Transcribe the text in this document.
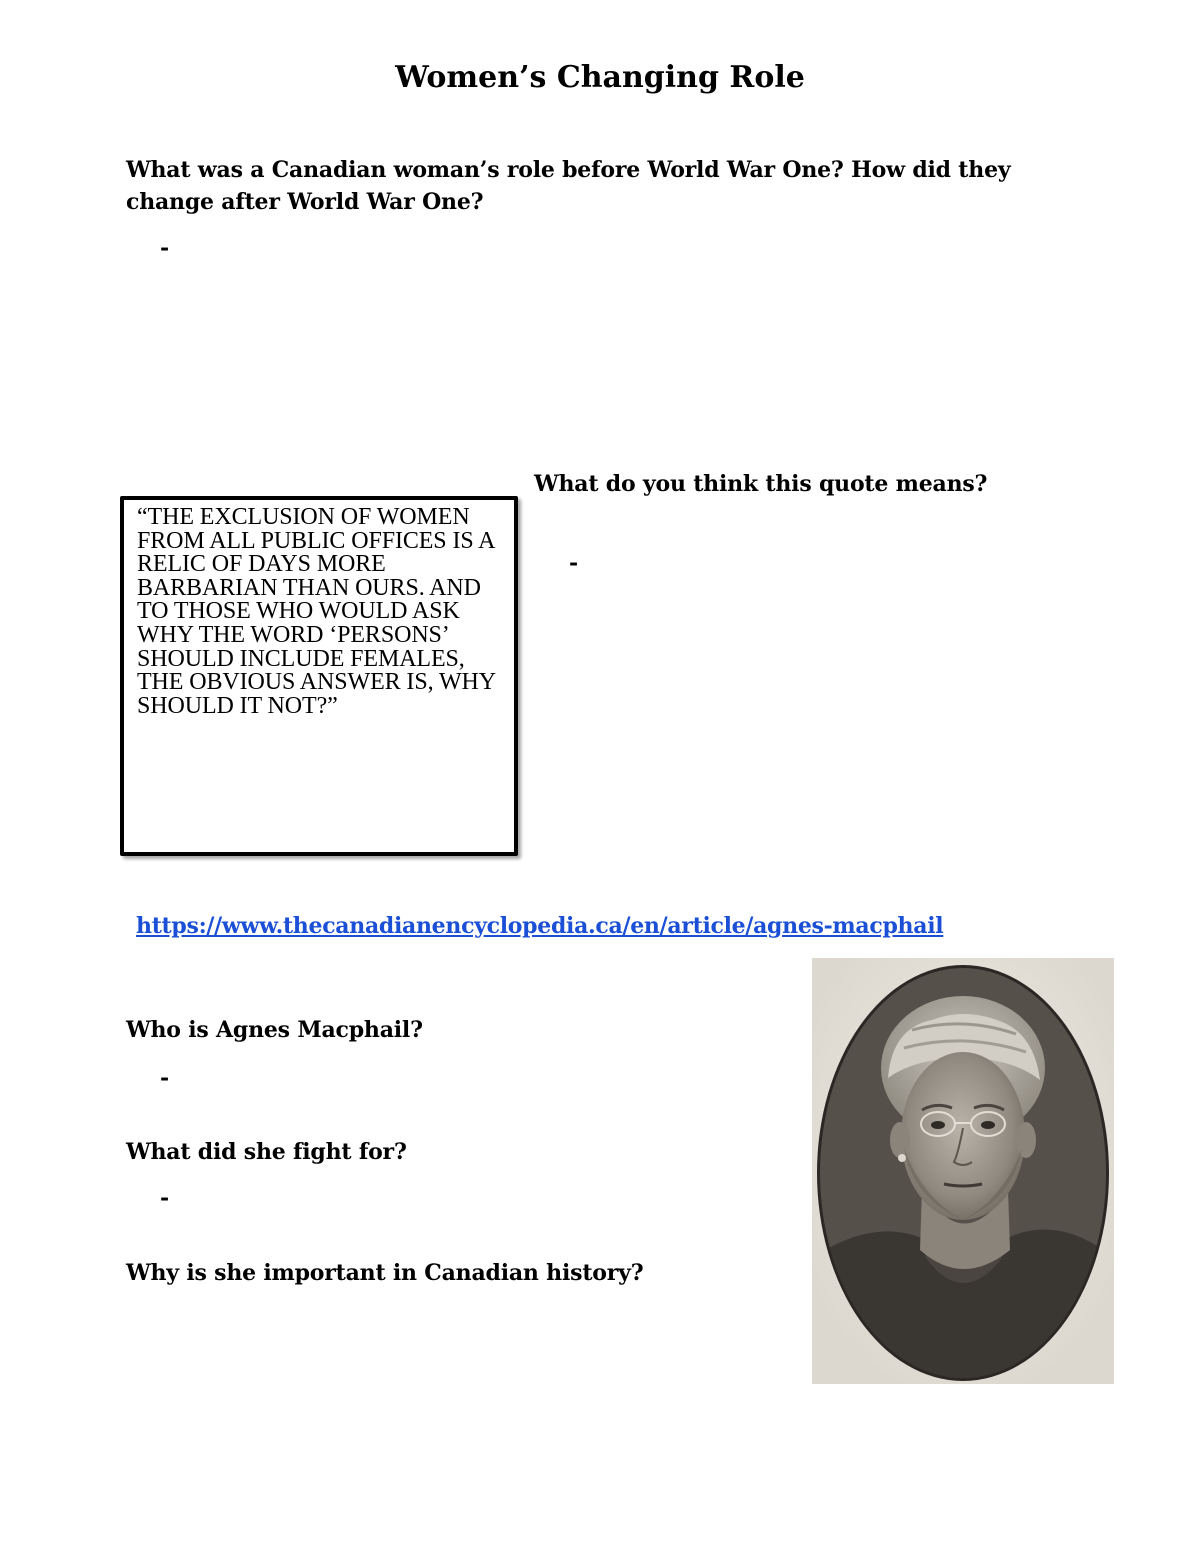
Women’s Changing Role
What was a Canadian woman’s role before World War One? How did they change after World War One?
-
“THE EXCLUSION OF WOMEN FROM ALL PUBLIC OFFICES IS A RELIC OF DAYS MORE BARBARIAN THAN OURS. AND TO THOSE WHO WOULD ASK WHY THE WORD ‘PERSONS’ SHOULD INCLUDE FEMALES, THE OBVIOUS ANSWER IS, WHY SHOULD IT NOT?”
What do you think this quote means?
-
https://www.thecanadianencyclopedia.ca/en/article/agnes-macphail
Who is Agnes Macphail?
-
What did she fight for?
-
Why is she important in Canadian history?
